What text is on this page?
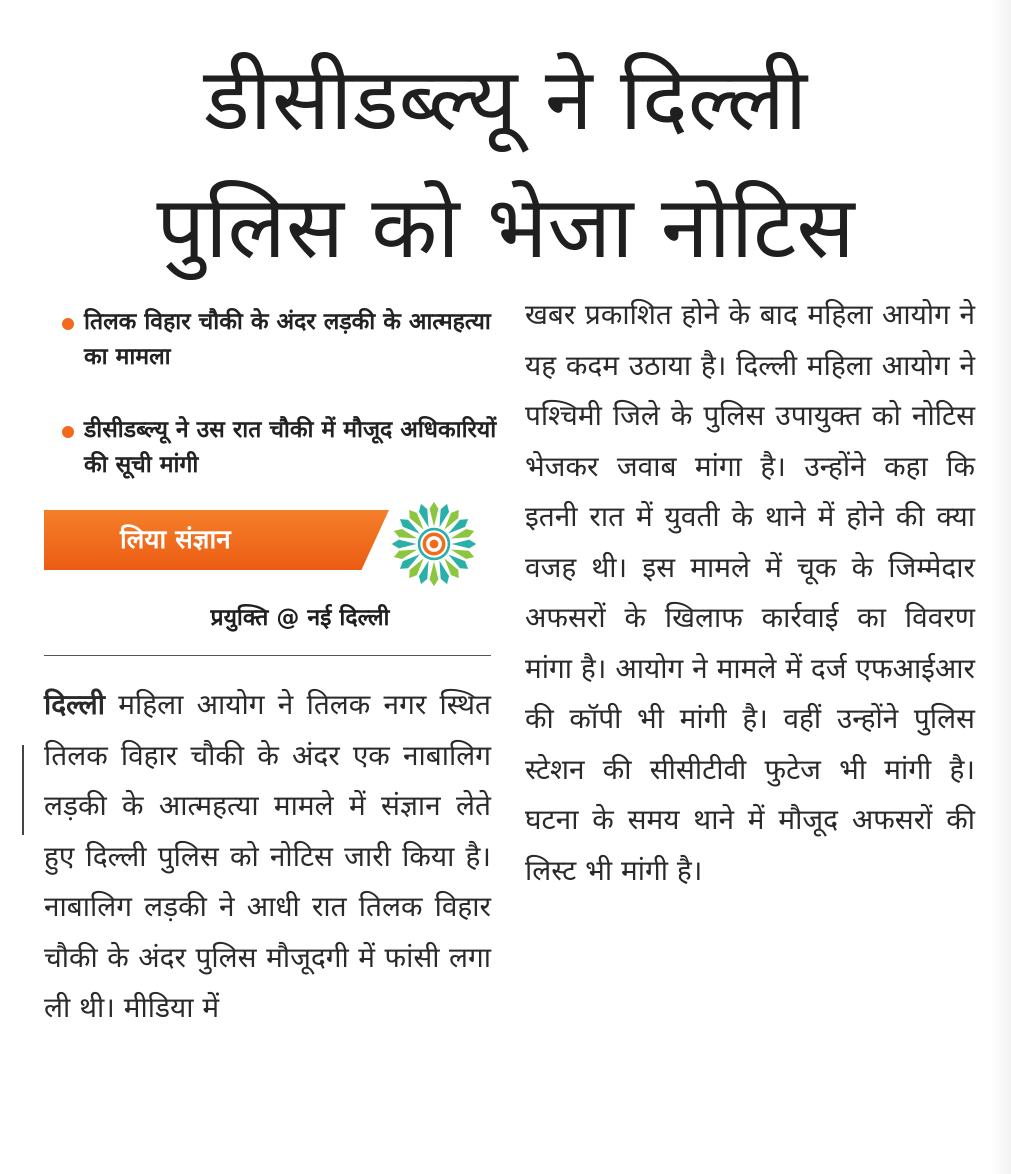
डीसीडब्ल्यू ने दिल्ली
पुलिस को भेजा नोटिस
तिलक विहार चौकी के अंदर लड़की के आत्महत्या का मामला
डीसीडब्ल्यू ने उस रात चौकी में मौजूद अधिकारियों की सूची मांगी
लिया संज्ञान
प्रयुक्ति @ नई दिल्ली
दिल्ली महिला आयोग ने तिलक नगर स्थित तिलक विहार चौकी के अंदर एक नाबालिग लड़की के आत्महत्या मामले में संज्ञान लेते हुए दिल्ली पुलिस को नोटिस जारी किया है। नाबालिग लड़की ने आधी रात तिलक विहार चौकी के अंदर पुलिस मौजूदगी में फांसी लगा ली थी। मीडिया में
खबर प्रकाशित होने के बाद महिला आयोग ने यह कदम उठाया है। दिल्ली महिला आयोग ने पश्चिमी जिले के पुलिस उपायुक्त को नोटिस भेजकर जवाब मांगा है। उन्होंने कहा कि इतनी रात में युवती के थाने में होने की क्या वजह थी। इस मामले में चूक के जिम्मेदार अफसरों के खिलाफ कार्रवाई का विवरण मांगा है। आयोग ने मामले में दर्ज एफआईआर की कॉपी भी मांगी है। वहीं उन्होंने पुलिस स्टेशन की सीसीटीवी फुटेज भी मांगी है। घटना के समय थाने में मौजूद अफसरों की लिस्ट भी मांगी है।
